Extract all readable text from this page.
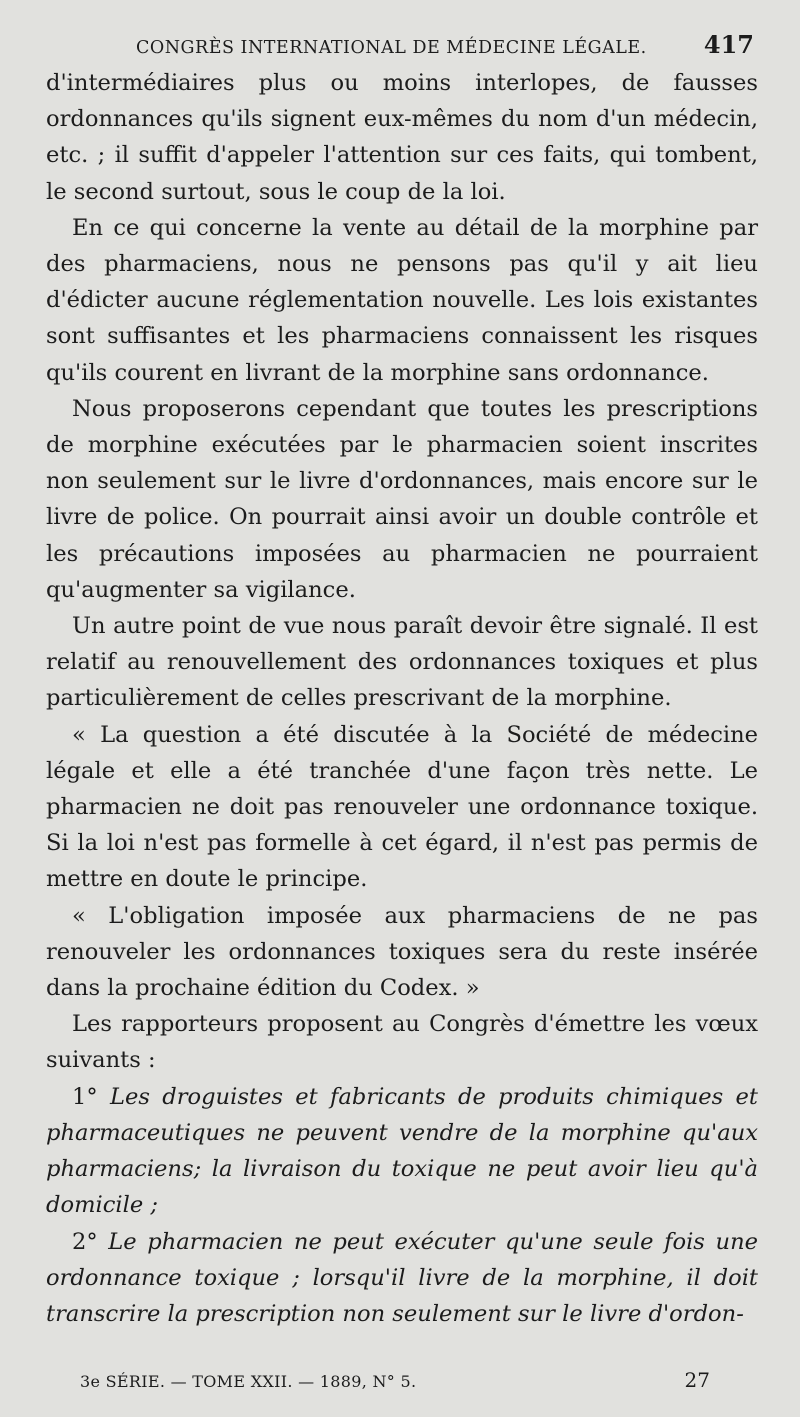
CONGRÈS INTERNATIONAL DE MÉDECINE LÉGALE. 417

d'intermédiaires plus ou moins interlopes, de fausses ordonnances qu'ils signent eux-mêmes du nom d'un médecin, etc. ; il suffit d'appeler l'attention sur ces faits, qui tombent, le second surtout, sous le coup de la loi.

En ce qui concerne la vente au détail de la morphine par des pharmaciens, nous ne pensons pas qu'il y ait lieu d'édicter aucune réglementation nouvelle. Les lois existantes sont suffisantes et les pharmaciens connaissent les risques qu'ils courent en livrant de la morphine sans ordonnance.

Nous proposerons cependant que toutes les prescriptions de morphine exécutées par le pharmacien soient inscrites non seulement sur le livre d'ordonnances, mais encore sur le livre de police. On pourrait ainsi avoir un double contrôle et les précautions imposées au pharmacien ne pourraient qu'augmenter sa vigilance.

Un autre point de vue nous paraît devoir être signalé. Il est relatif au renouvellement des ordonnances toxiques et plus particulièrement de celles prescrivant de la morphine.

« La question a été discutée à la Société de médecine légale et elle a été tranchée d'une façon très nette. Le pharmacien ne doit pas renouveler une ordonnance toxique. Si la loi n'est pas formelle à cet égard, il n'est pas permis de mettre en doute le principe.

« L'obligation imposée aux pharmaciens de ne pas renouveler les ordonnances toxiques sera du reste insérée dans la prochaine édition du Codex. »

Les rapporteurs proposent au Congrès d'émettre les vœux suivants :

1° Les droguistes et fabricants de produits chimiques et pharmaceutiques ne peuvent vendre de la morphine qu'aux pharmaciens; la livraison du toxique ne peut avoir lieu qu'à domicile ;

2° Le pharmacien ne peut exécuter qu'une seule fois une ordonnance toxique ; lorsqu'il livre de la morphine, il doit transcrire la prescription non seulement sur le livre d'ordon-

3e SÉRIE. — TOME XXII. — 1889, N° 5.	27
